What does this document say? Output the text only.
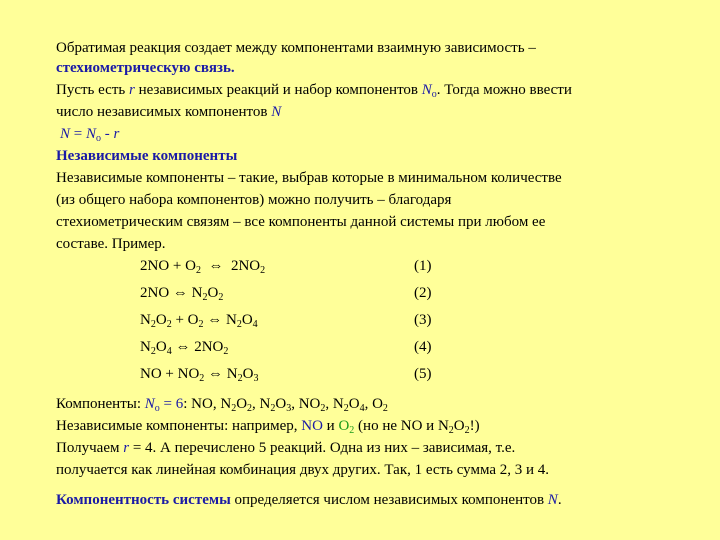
Обратимая реакция создает между компонентами взаимную зависимость –
стехиометрическую связь.
Пусть есть r независимых реакций и набор компонентов $N_o$. Тогда можно ввести
число независимых компонентов N
$N = N_o - r$
Независимые компоненты
Независимые компоненты – такие, выбрав которые в минимальном количестве
(из общего набора компонентов) можно получить – благодаря
стехиометрическим связям – все компоненты данной системы при любом ее
составе. Пример.
$2NO + O_2$  ⇔  $2NO_2$	(1)
2NO ⇔ $N_2O_2$	(2)
$N_2O_2 + O_2$ ⇔ $N_2O_4$	(3)
$N_2O_4$ ⇔ $2NO_2$	(4)
NO + $NO_2$ ⇔ $N_2O_3$	(5)
Компоненты: $N_o = 6$: NO, $N_2O_2$, $N_2O_3$, $NO_2$, $N_2O_4$, $O_2$
Независимые компоненты: например, NO и $O_2$ (но не NO и $N_2O_2$!)
Получаем r = 4. А перечислено 5 реакций. Одна из них – зависимая, т.е.
получается как линейная комбинация двух других. Так, 1 есть сумма 2, 3 и 4.
Компонентность системы определяется числом независимых компонентов N.
